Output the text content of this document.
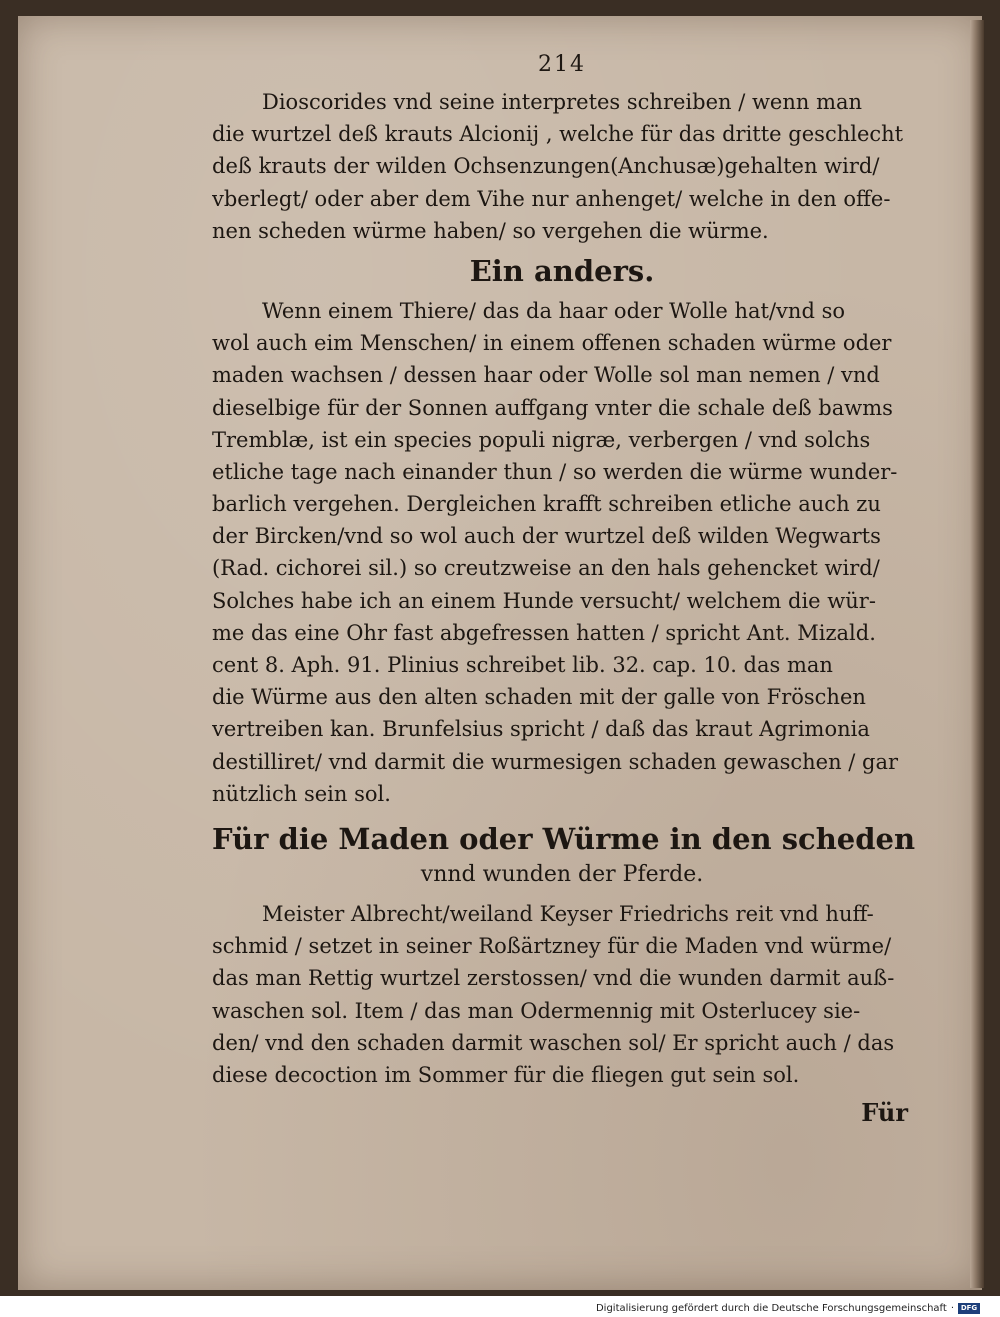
214
Dioscorides vnd seine interpretes schreiben / wenn man
die wurtzel deß krauts Alcionij , welche für das dritte geschlecht
deß krauts der wilden Ochsenzungen(Anchusæ)gehalten wird/
vberlegt/ oder aber dem Vihe nur anhenget/ welche in den offe-
nen scheden würme haben/ so vergehen die würme.
Ein anders.
Wenn einem Thiere/ das da haar oder Wolle hat/vnd so
wol auch eim Menschen/ in einem offenen schaden würme oder
maden wachsen / dessen haar oder Wolle sol man nemen / vnd
dieselbige für der Sonnen auffgang vnter die schale deß bawms
Tremblæ, ist ein species populi nigræ, verbergen / vnd solchs
etliche tage nach einander thun / so werden die würme wunder-
barlich vergehen. Dergleichen krafft schreiben etliche auch zu
der Bircken/vnd so wol auch der wurtzel deß wilden Wegwarts
(Rad. cichorei sil.) so creutzweise an den hals gehencket wird/
Solches habe ich an einem Hunde versucht/ welchem die wür-
me das eine Ohr fast abgefressen hatten / spricht Ant. Mizald.
cent 8. Aph. 91. Plinius schreibet lib. 32. cap. 10. das man
die Würme aus den alten schaden mit der galle von Fröschen
vertreiben kan. Brunfelsius spricht / daß das kraut Agrimonia
destilliret/ vnd darmit die wurmesigen schaden gewaschen / gar
nützlich sein sol.
Für die Maden oder Würme in den scheden
vnnd wunden der Pferde.
Meister Albrecht/weiland Keyser Friedrichs reit vnd huff-
schmid / setzet in seiner Roßärtzney für die Maden vnd würme/
das man Rettig wurtzel zerstossen/ vnd die wunden darmit auß-
waschen sol. Item / das man Odermennig mit Osterlucey sie-
den/ vnd den schaden darmit waschen sol/ Er spricht auch / das
diese decoction im Sommer für die fliegen gut sein sol.
Für
Digitalisierung gefördert durch die Deutsche Forschungsgemeinschaft · DFG
